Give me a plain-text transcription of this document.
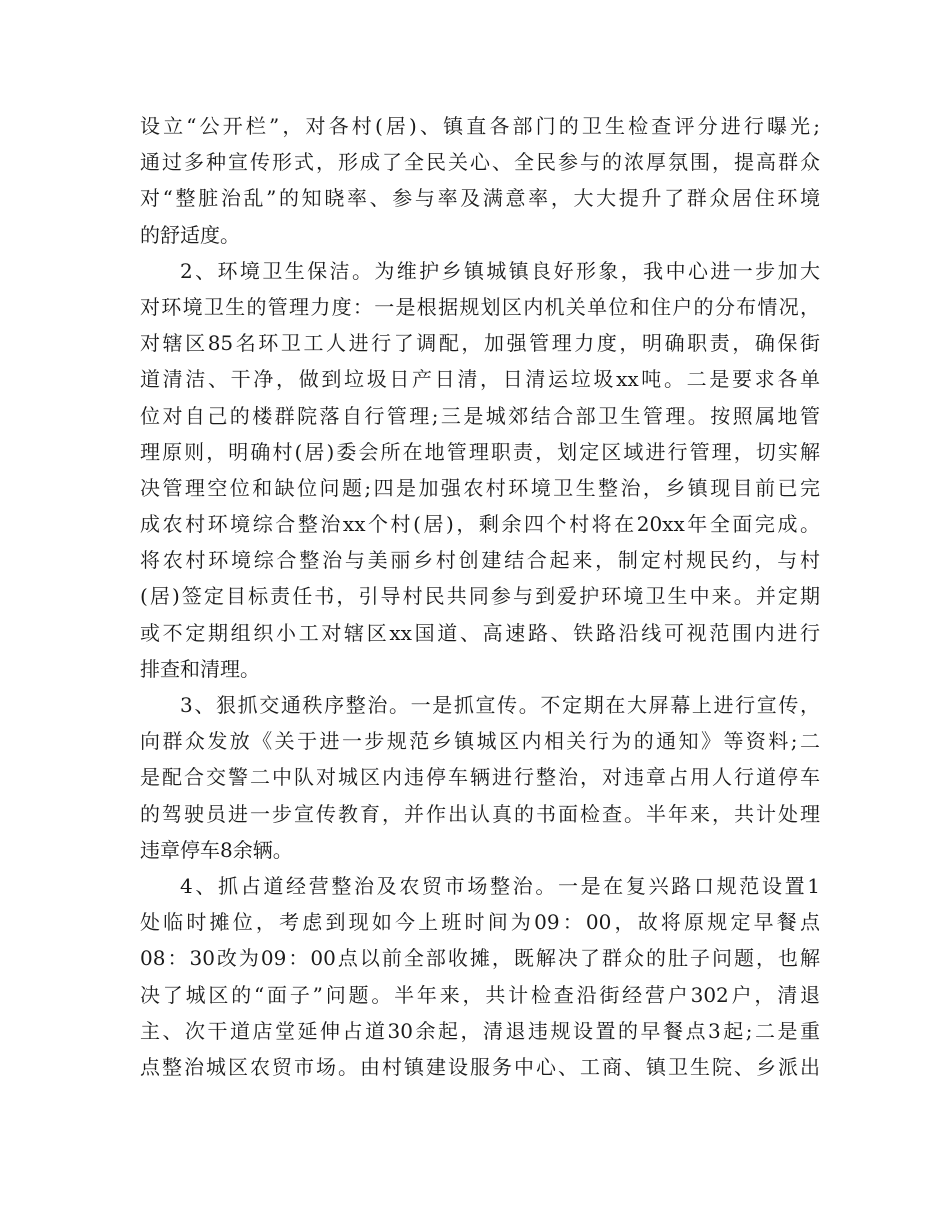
设立“公开栏”，对各村(居)、镇直各部门的卫生检查评分进行曝光;
通过多种宣传形式，形成了全民关心、全民参与的浓厚氛围，提高群众
对“整脏治乱”的知晓率、参与率及满意率，大大提升了群众居住环境
的舒适度。
2、环境卫生保洁。为维护乡镇城镇良好形象，我中心进一步加大
对环境卫生的管理力度：一是根据规划区内机关单位和住户的分布情况，
对辖区85名环卫工人进行了调配，加强管理力度，明确职责，确保街
道清洁、干净，做到垃圾日产日清，日清运垃圾xx吨。二是要求各单
位对自己的楼群院落自行管理;三是城郊结合部卫生管理。按照属地管
理原则，明确村(居)委会所在地管理职责，划定区域进行管理，切实解
决管理空位和缺位问题;四是加强农村环境卫生整治，乡镇现目前已完
成农村环境综合整治xx个村(居)，剩余四个村将在20xx年全面完成。
将农村环境综合整治与美丽乡村创建结合起来，制定村规民约，与村
(居)签定目标责任书，引导村民共同参与到爱护环境卫生中来。并定期
或不定期组织小工对辖区xx国道、高速路、铁路沿线可视范围内进行
排查和清理。
3、狠抓交通秩序整治。一是抓宣传。不定期在大屏幕上进行宣传，
向群众发放《关于进一步规范乡镇城区内相关行为的通知》等资料;二
是配合交警二中队对城区内违停车辆进行整治，对违章占用人行道停车
的驾驶员进一步宣传教育，并作出认真的书面检查。半年来，共计处理
违章停车8余辆。
4、抓占道经营整治及农贸市场整治。一是在复兴路口规范设置1
处临时摊位，考虑到现如今上班时间为09：00，故将原规定早餐点
08：30改为09：00点以前全部收摊，既解决了群众的肚子问题，也解
决了城区的“面子”问题。半年来，共计检查沿街经营户302户，清退
主、次干道店堂延伸占道30余起，清退违规设置的早餐点3起;二是重
点整治城区农贸市场。由村镇建设服务中心、工商、镇卫生院、乡派出
